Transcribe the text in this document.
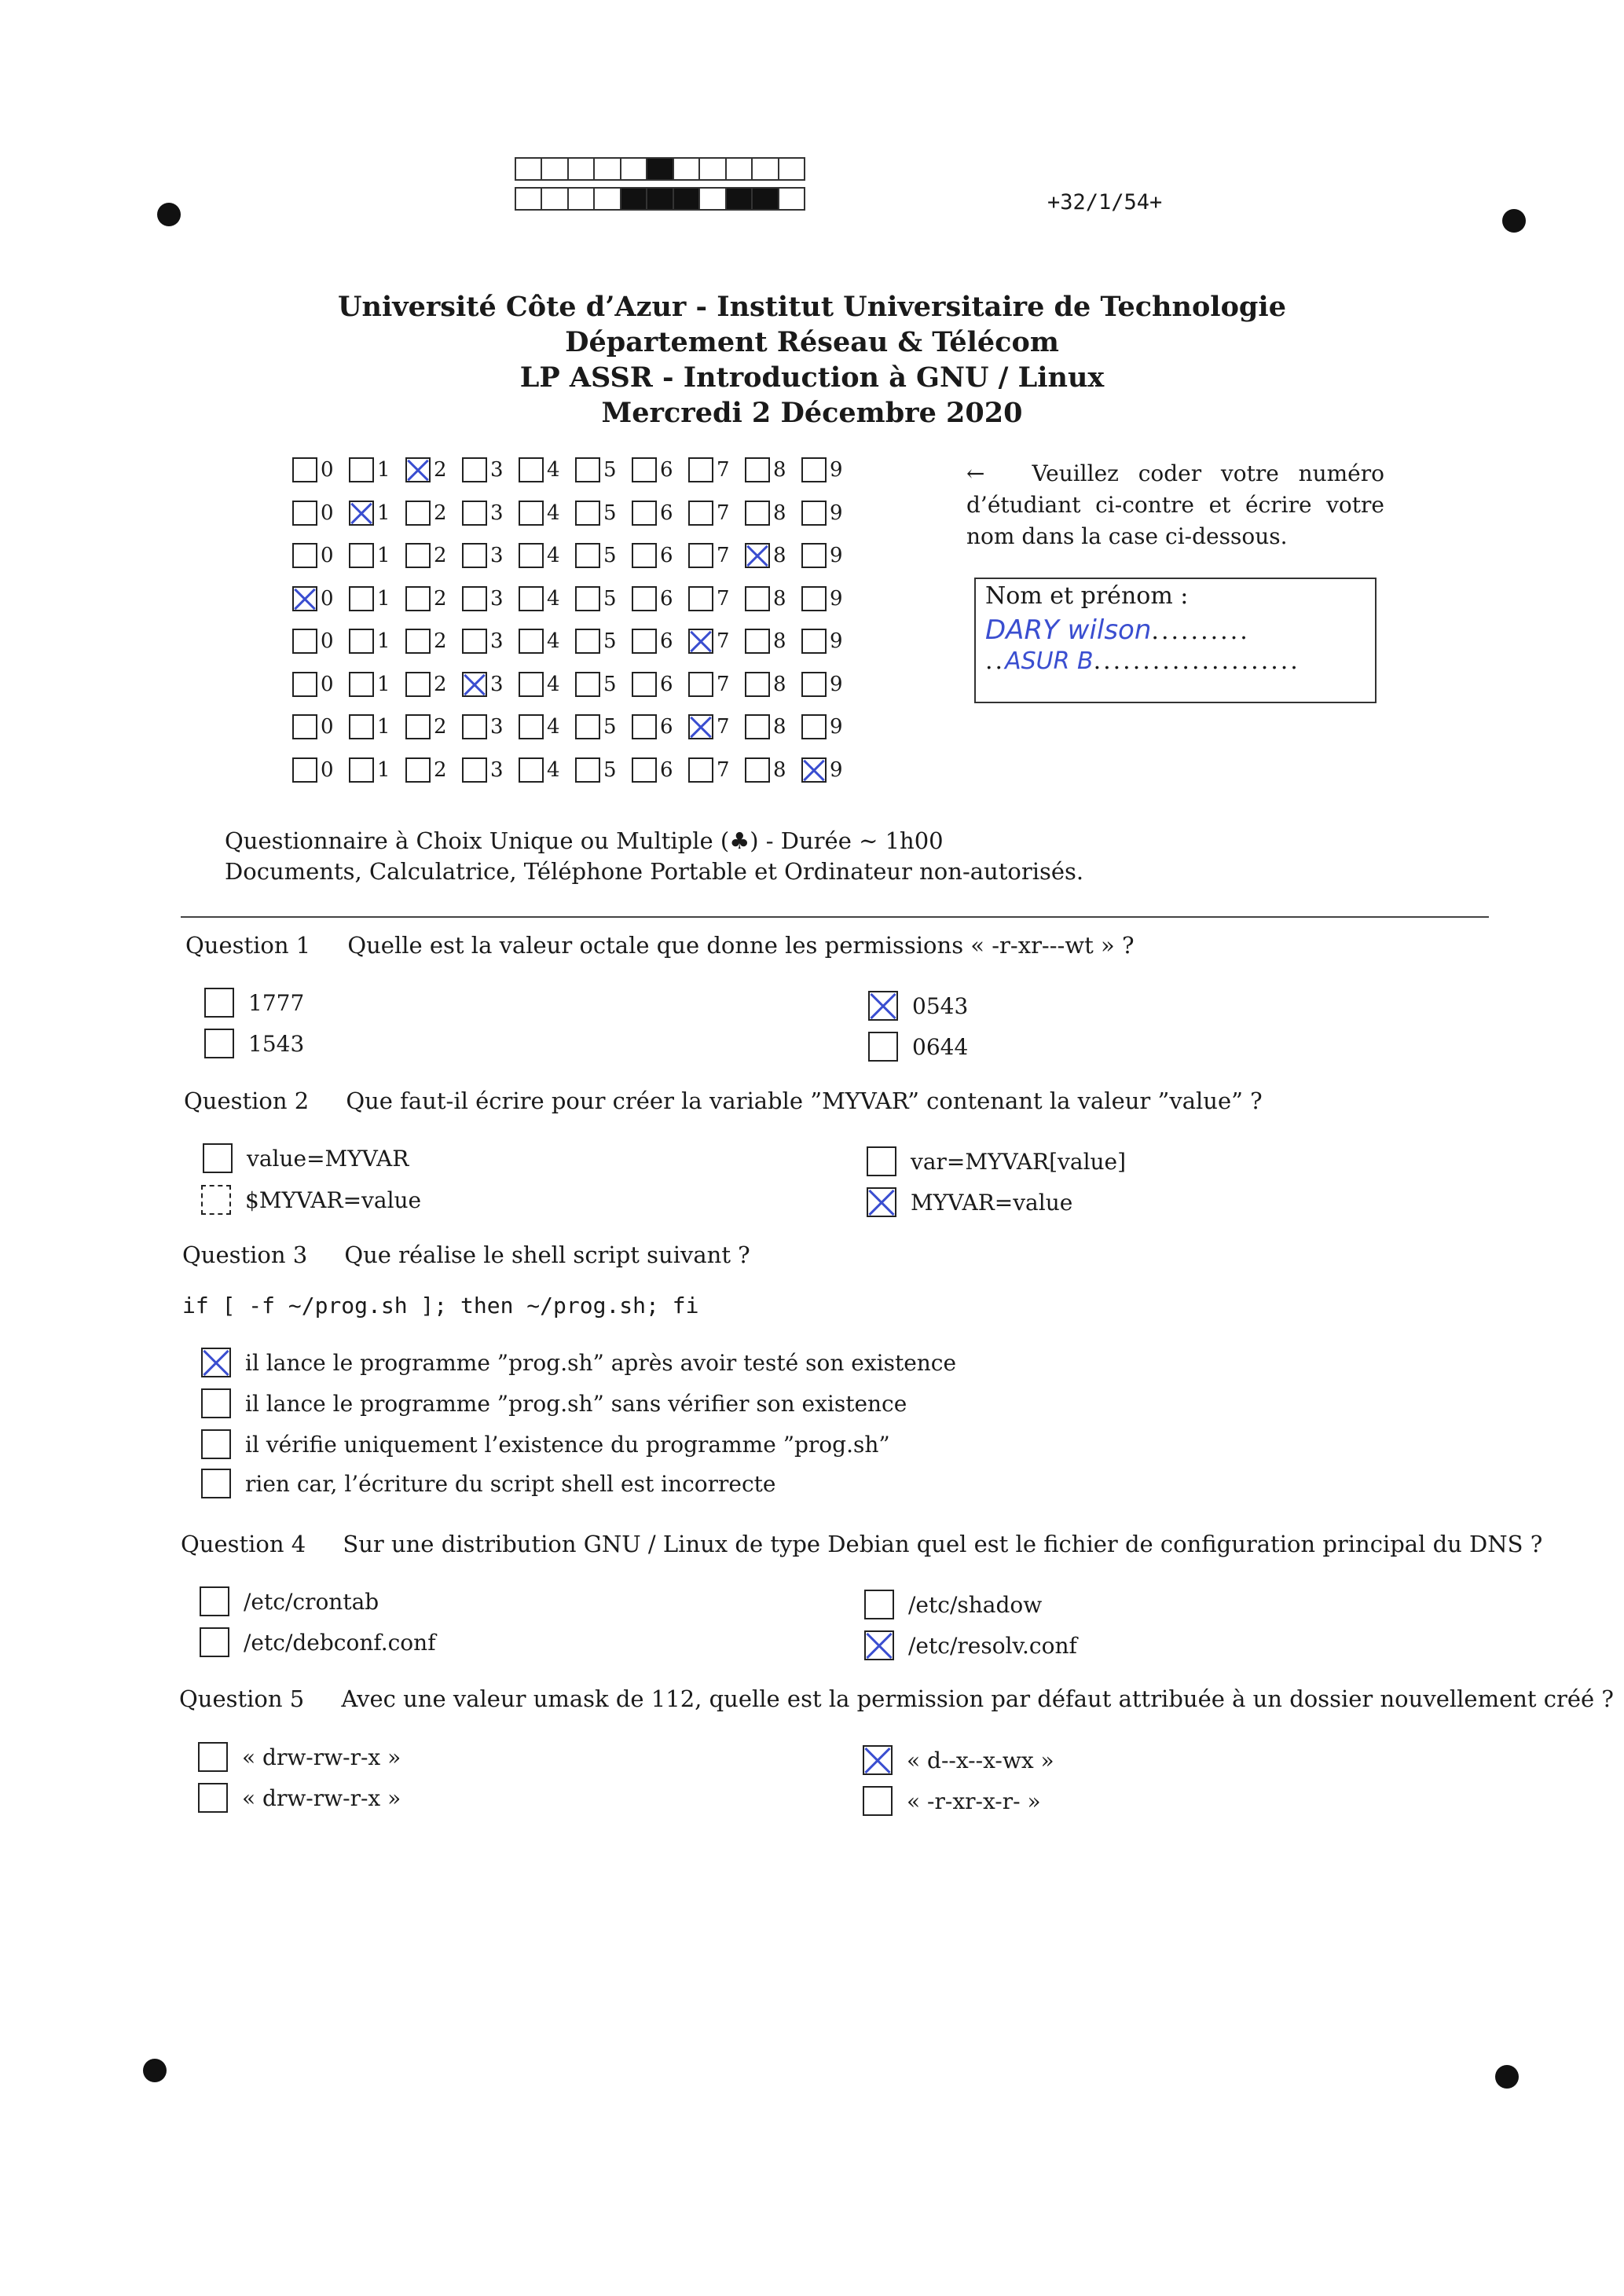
+32/1/54+
Université Côte d’Azur - Institut Universitaire de Technologie
Département Réseau & Télécom
LP ASSR - Introduction à GNU / Linux
Mercredi 2 Décembre 2020
0 1 2 3 4 5 6 7 8 9
0 1 2 3 4 5 6 7 8 9
0 1 2 3 4 5 6 7 8 9
0 1 2 3 4 5 6 7 8 9
0 1 2 3 4 5 6 7 8 9
0 1 2 3 4 5 6 7 8 9
0 1 2 3 4 5 6 7 8 9
0 1 2 3 4 5 6 7 8 9
← Veuillez coder votre numéro d’étudiant ci-contre et écrire votre nom dans la case ci-dessous.
Nom et prénom :
DARY wilson..........
..ASUR B.....................
Questionnaire à Choix Unique ou Multiple (♣) - Durée ∼ 1h00
Documents, Calculatrice, Téléphone Portable et Ordinateur non-autorisés.
Question 1 Quelle est la valeur octale que donne les permissions « -r-xr---wt » ?
1777
1543
0543
0644
Question 2 Que faut-il écrire pour créer la variable ”MYVAR” contenant la valeur ”value” ?
value=MYVAR
$MYVAR=value
var=MYVAR[value]
MYVAR=value
Question 3 Que réalise le shell script suivant ?
if [ -f ~/prog.sh ]; then ~/prog.sh; fi
il lance le programme ”prog.sh” après avoir testé son existence
il lance le programme ”prog.sh” sans vérifier son existence
il vérifie uniquement l’existence du programme ”prog.sh”
rien car, l’écriture du script shell est incorrecte
Question 4 Sur une distribution GNU / Linux de type Debian quel est le fichier de configuration principal du DNS ?
/etc/crontab
/etc/debconf.conf
/etc/shadow
/etc/resolv.conf
Question 5 Avec une valeur umask de 112, quelle est la permission par défaut attribuée à un dossier nouvellement créé ?
« drw-rw-r-x »
« drw-rw-r-x »
« d--x--x-wx »
« -r-xr-x-r- »
